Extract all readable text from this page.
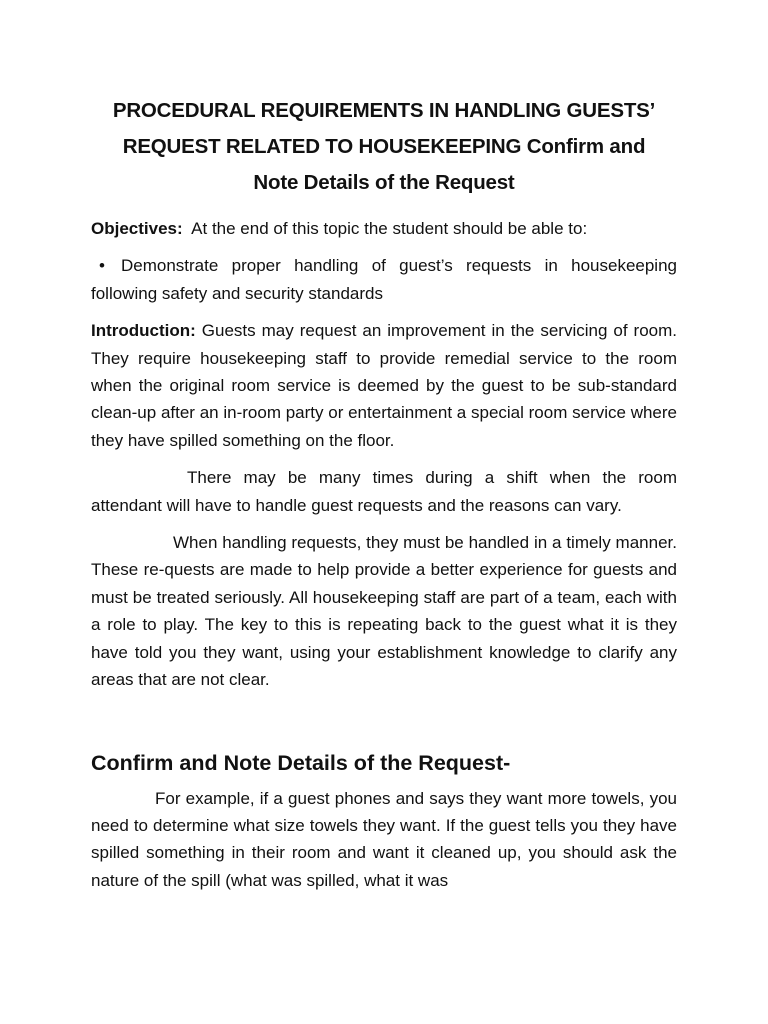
PROCEDURAL REQUIREMENTS IN HANDLING GUESTS’
REQUEST RELATED TO HOUSEKEEPING Confirm and
Note Details of the Request

Objectives:  At the end of this topic the student should be able to:

• Demonstrate proper handling of guest’s requests in housekeeping following safety and security standards

Introduction: Guests may request an improvement in the servicing of room. They require housekeeping staff to provide remedial service to the room when the original room service is deemed by the guest to be sub-standard clean-up after an in-room party or entertainment a special room service where they have spilled something on the floor.

There may be many times during a shift when the room attendant will have to handle guest requests and the reasons can vary.

When handling requests, they must be handled in a timely manner. These re-quests are made to help provide a better experience for guests and must be treated seriously. All housekeeping staff are part of a team, each with a role to play. The key to this is repeating back to the guest what it is they have told you they want, using your establishment knowledge to clarify any areas that are not clear.

Confirm and Note Details of the Request-

For example, if a guest phones and says they want more towels, you need to determine what size towels they want. If the guest tells you they have spilled something in their room and want it cleaned up, you should ask the nature of the spill (what was spilled, what it was
